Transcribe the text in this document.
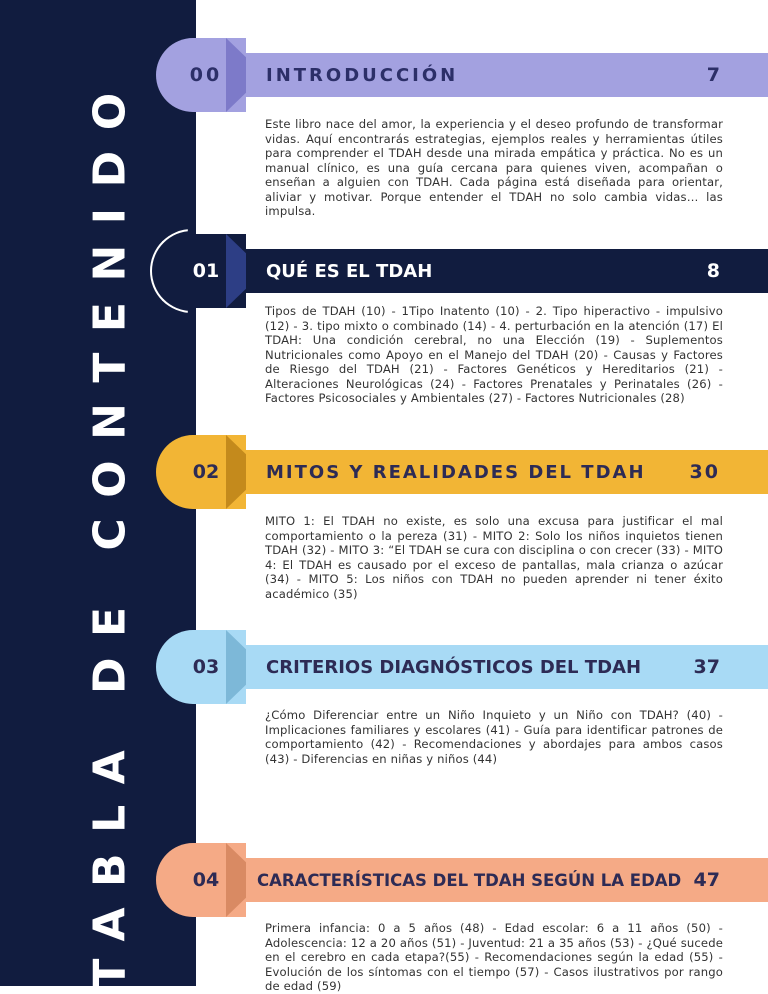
TABLA DE CONTENIDO	00 INTRODUCCIÓN	7
Este libro nace del amor, la experiencia y el deseo profundo de transformar vidas. Aquí encontrarás estrategias, ejemplos reales y herramientas útiles para comprender el TDAH desde una mirada empática y práctica. No es un manual clínico, es una guía cercana para quienes viven, acompañan o enseñan a alguien con TDAH. Cada página está diseñada para orientar, aliviar y motivar. Porque entender el TDAH no solo cambia vidas… las impulsa.
01	QUÉ ES EL TDAH	8
Tipos de TDAH (10) - 1Tipo Inatento (10) - 2. Tipo hiperactivo - impulsivo (12) - 3. tipo mixto o combinado (14) - 4. perturbación en la atención (17) El TDAH: Una condición cerebral, no una Elección (19) - Suplementos Nutricionales como Apoyo en el Manejo del TDAH (20) - Causas y Factores de Riesgo del TDAH (21) - Factores Genéticos y Hereditarios (21) - Alteraciones Neurológicas (24) - Factores Prenatales y Perinatales (26) - Factores Psicosociales y Ambientales (27) - Factores Nutricionales (28)
02	MITOS Y REALIDADES DEL TDAH 30
MITO 1: El TDAH no existe, es solo una excusa para justificar el mal comportamiento o la pereza (31) - MITO 2: Solo los niños inquietos tienen TDAH (32) - MITO 3: “El TDAH se cura con disciplina o con crecer (33) - MITO 4: El TDAH es causado por el exceso de pantallas, mala crianza o azúcar (34) - MITO 5: Los niños con TDAH no pueden aprender ni tener éxito académico (35)
03	CRITERIOS DIAGNÓSTICOS DEL TDAH	37
¿Cómo Diferenciar entre un Niño Inquieto y un Niño con TDAH? (40) - Implicaciones familiares y escolares (41) - Guía para identificar patrones de comportamiento (42) - Recomendaciones y abordajes para ambos casos (43) - Diferencias en niñas y niños (44)
04	CARACTERÍSTICAS DEL TDAH SEGÚN LA EDAD 47
Primera infancia: 0 a 5 años (48) - Edad escolar: 6 a 11 años (50) - Adolescencia: 12 a 20 años (51) - Juventud: 21 a 35 años (53) - ¿Qué sucede en el cerebro en cada etapa?(55) - Recomendaciones según la edad (55) - Evolución de los síntomas con el tiempo (57) - Casos ilustrativos por rango de edad (59)
